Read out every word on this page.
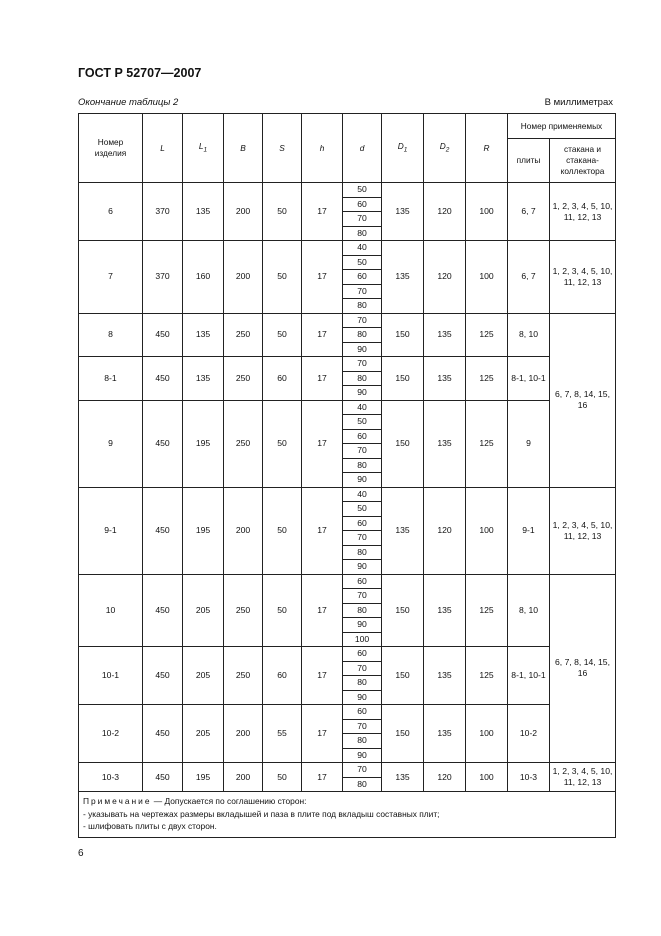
ГОСТ Р 52707—2007
Окончание таблицы 2	В миллиметрах
Номер изделия	L	$L_1$	B	S	h	d	$D_1$	$D_2$	R	Номер применяемых	
										плиты	стакана и стакана-коллектора
6	370	135	200	50	17	50	135	120	100	6, 7	1, 2, 3, 4, 5, 10, 11, 12, 13
						60					
						70					
						80					
7	370	160	200	50	17	40	135	120	100	6, 7	1, 2, 3, 4, 5, 10, 11, 12, 13
						50					
						60					
						70					
						80					
8	450	135	250	50	17	70	150	135	125	8, 10	6, 7, 8, 14, 15, 16
						80					
						90					
8-1	450	135	250	60	17	70	150	135	125	8-1, 10-1	
						80					
						90					
9	450	195	250	50	17	40	150	135	125	9	
						50					
						60					
						70					
						80					
						90					
9-1	450	195	200	50	17	40	135	120	100	9-1	1, 2, 3, 4, 5, 10, 11, 12, 13
						50					
						60					
						70					
						80					
						90					
10	450	205	250	50	17	60	150	135	125	8, 10	6, 7, 8, 14, 15, 16
						70					
						80					
						90					
						100					
10-1	450	205	250	60	17	60	150	135	125	8-1, 10-1	
						70					
						80					
						90					
10-2	450	205	200	55	17	60	150	135	100	10-2	
						70					
						80					
						90					
10-3	450	195	200	50	17	70	135	120	100	10-3	1, 2, 3, 4, 5, 10, 11, 12, 13
						80					

Примечание — Допускается по соглашению сторон:
- указывать на чертежах размеры вкладышей и паза в плите под вкладыш составных плит;
- шлифовать плиты с двух сторон.											
6
